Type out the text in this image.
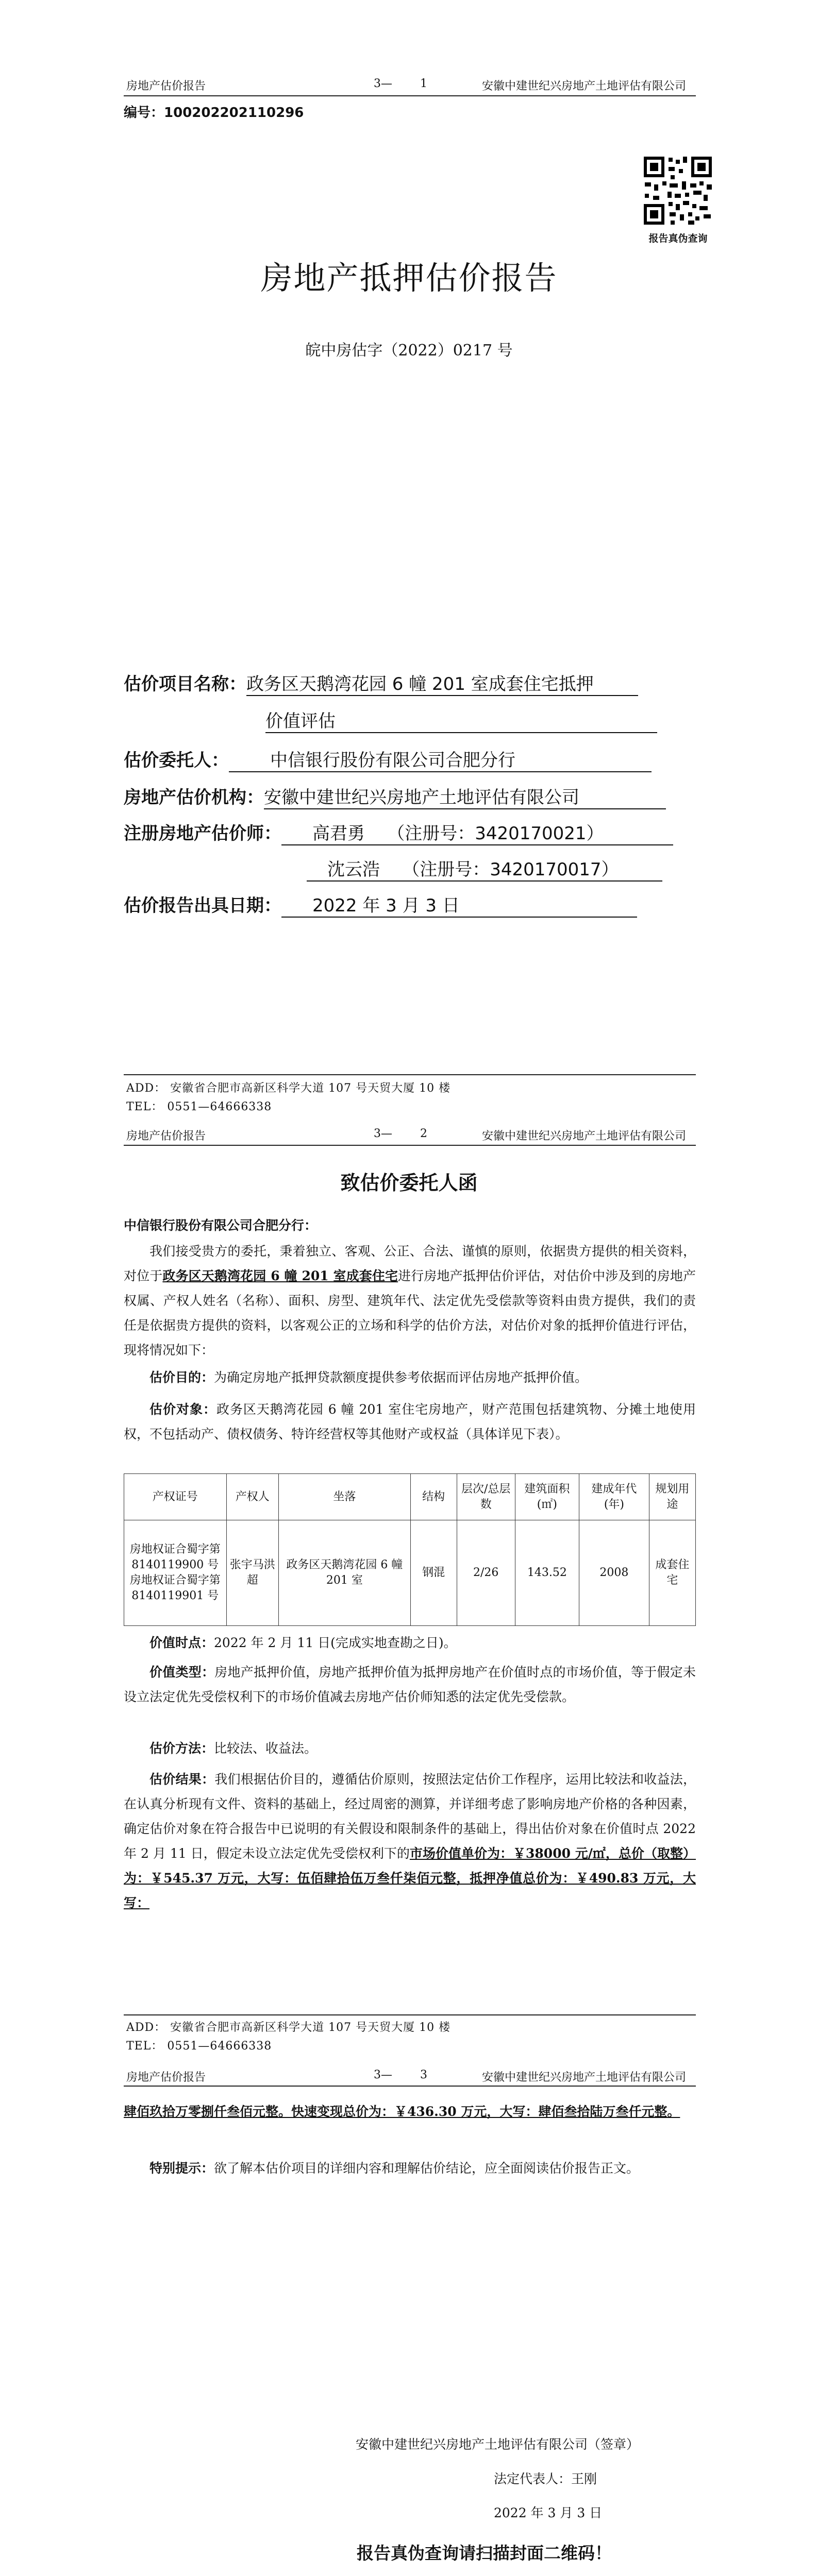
房地产估价报告	3— 1	安徽中建世纪兴房地产土地评估有限公司
编号：100202202110296
报告真伪查询
房地产抵押估价报告
皖中房估字（2022）0217 号
估价项目名称：政务区天鹅湾花园 6 幢 201 室成套住宅抵押
价值评估
估价委托人： 中信银行股份有限公司合肥分行
房地产估价机构：安徽中建世纪兴房地产土地评估有限公司
注册房地产估价师： 高君勇    （注册号：3420170021）
沈云浩    （注册号：3420170017）
估价报告出具日期： 2022 年 3 月 3 日
ADD： 安徽省合肥市高新区科学大道 107 号天贸大厦 10 楼
TEL： 0551—64666338
房地产估价报告	3— 2	安徽中建世纪兴房地产土地评估有限公司
致估价委托人函
中信银行股份有限公司合肥分行：
我们接受贵方的委托，秉着独立、客观、公正、合法、谨慎的原则，依据贵方提供的相关资料，对位于政务区天鹅湾花园 6 幢 201 室成套住宅进行房地产抵押估价评估，对估价中涉及到的房地产权属、产权人姓名（名称）、面积、房型、建筑年代、法定优先受偿款等资料由贵方提供，我们的责任是依据贵方提供的资料，以客观公正的立场和科学的估价方法，对估价对象的抵押价值进行评估，现将情况如下：
估价目的：为确定房地产抵押贷款额度提供参考依据而评估房地产抵押价值。
估价对象：政务区天鹅湾花园 6 幢 201 室住宅房地产，财产范围包括建筑物、分摊土地使用权，不包括动产、债权债务、特许经营权等其他财产或权益（具体详见下表）。
产权证号	产权人	坐落	结构	层次/总层数	建筑面积(㎡)	建成年代(年)	规划用途
房地权证合蜀字第8140119900 号房地权证合蜀字第8140119901 号	张宇马洪超	政务区天鹅湾花园 6 幢 201 室	钢混	2/26	143.52	2008	成套住宅
价值时点：2022 年 2 月 11 日(完成实地查勘之日)。
价值类型：房地产抵押价值，房地产抵押价值为抵押房地产在价值时点的市场价值，等于假定未设立法定优先受偿权利下的市场价值减去房地产估价师知悉的法定优先受偿款。
估价方法：比较法、收益法。
估价结果：我们根据估价目的，遵循估价原则，按照法定估价工作程序，运用比较法和收益法，在认真分析现有文件、资料的基础上，经过周密的测算，并详细考虑了影响房地产价格的各种因素，确定估价对象在符合报告中已说明的有关假设和限制条件的基础上，得出估价对象在价值时点 2022 年 2 月 11 日，假定未设立法定优先受偿权利下的市场价值单价为：￥38000 元/㎡，总价（取整）为：￥545.37 万元，大写：伍佰肆拾伍万叁仟柒佰元整，抵押净值总价为：￥490.83 万元，大写：
ADD： 安徽省合肥市高新区科学大道 107 号天贸大厦 10 楼
TEL： 0551—64666338
房地产估价报告	3— 3	安徽中建世纪兴房地产土地评估有限公司
肆佰玖拾万零捌仟叁佰元整。快速变现总价为：￥436.30 万元，大写：肆佰叁拾陆万叁仟元整。
特别提示：欲了解本估价项目的详细内容和理解估价结论，应全面阅读估价报告正文。
安徽中建世纪兴房地产土地评估有限公司（签章）
法定代表人：王刚
2022 年 3 月 3 日
报告真伪查询请扫描封面二维码！
